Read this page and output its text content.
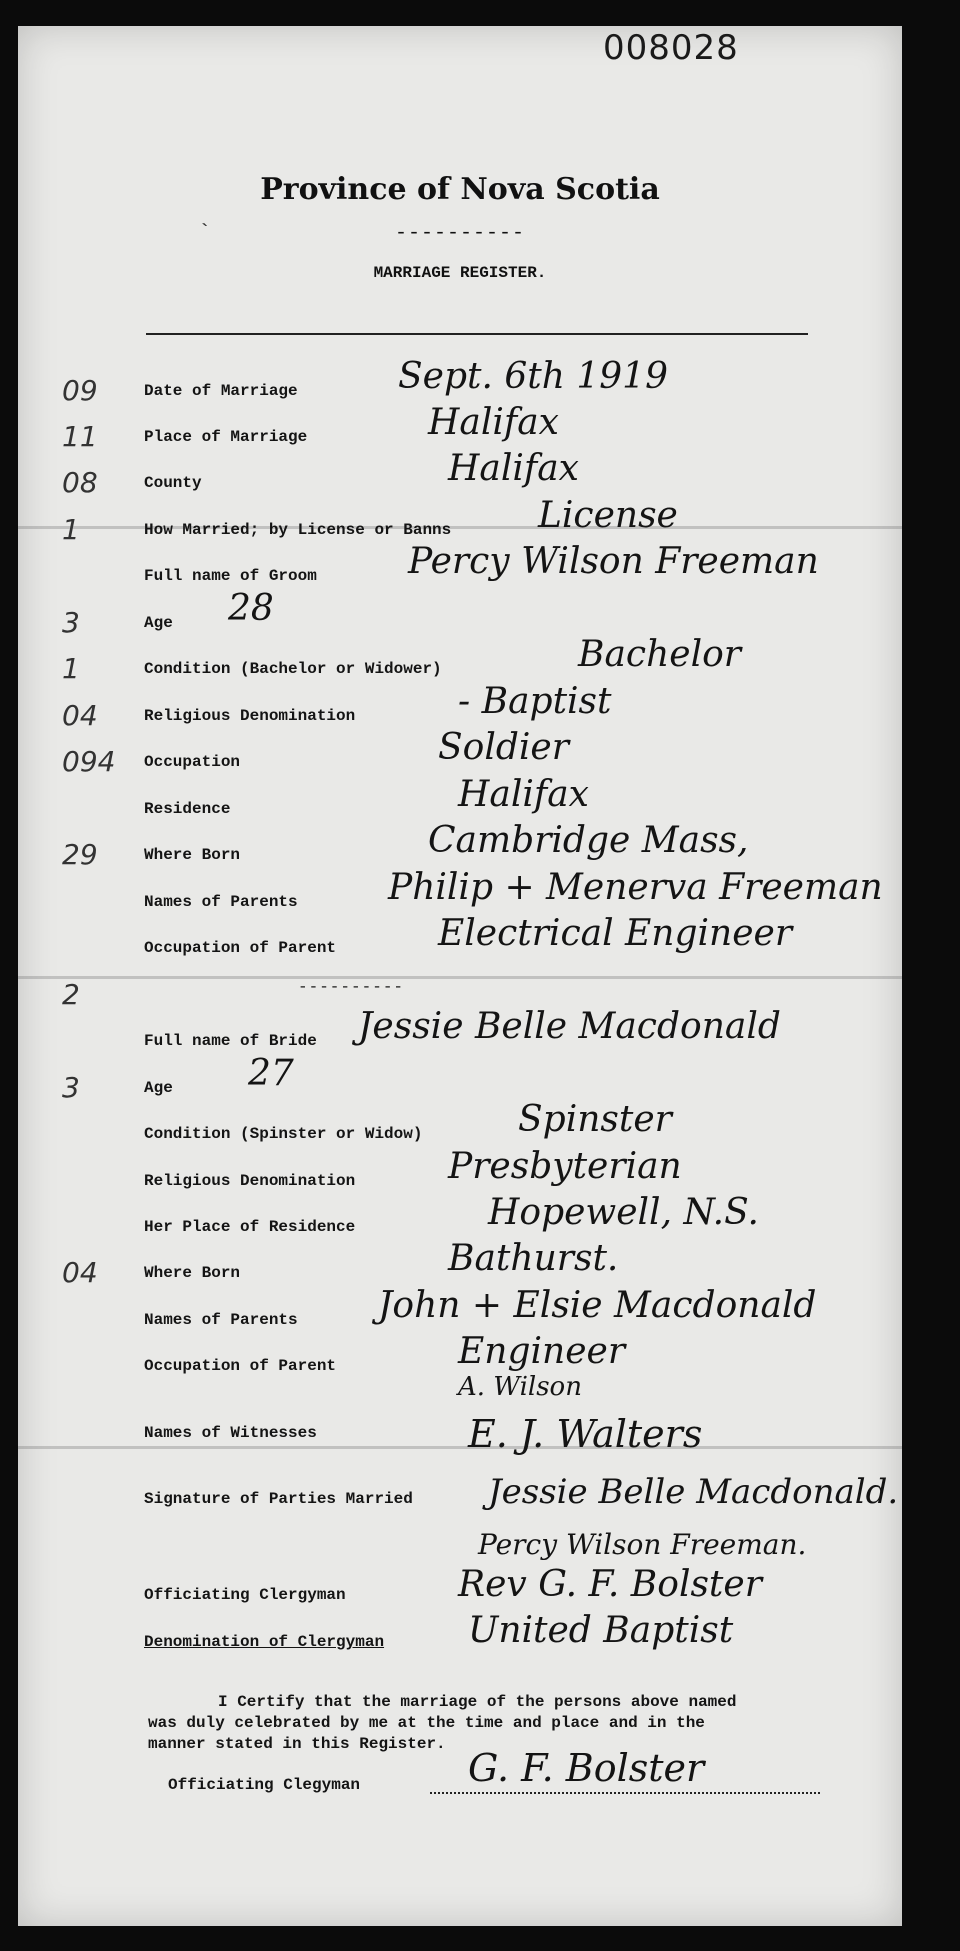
008028
Province of Nova Scotia
----------
MARRIAGE REGISTER.
`
09	Date of Marriage	Sept. 6th 1919
11	Place of Marriage	Halifax
08	County	Halifax
1	How Married; by License or Banns License
Full name of Groom	Percy Wilson Freeman
3	Age 28
1	Condition (Bachelor or Widower)	Bachelor
04	Religious Denomination	- Baptist
094 Occupation	Soldier
Residence	Halifax
29	Where Born	Cambridge Mass,
Names of Parents	Philip + Menerva Freeman
Occupation of Parent	Electrical Engineer
2
Full name of Bride Jessie Belle Macdonald
3	Age 27
Condition (Spinster or Widow)	Spinster
Religious Denomination	Presbyterian
Her Place of Residence	Hopewell, N.S.
04	Where Born	Bathurst.
Names of Parents John + Elsie Macdonald
Occupation of Parent	Engineer
----------
Names of Witnesses
A. Wilson
E. J. Walters
Signature of Parties Married Jessie Belle Macdonald.
Percy Wilson Freeman.
Officiating Clergyman	Rev G. F. Bolster
Denomination of Clergyman United Baptist

I Certify that the marriage of the persons above named

was duly celebrated by me at the time and place and in the

manner stated in this Register.

Officiating Clegyman	G. F. Bolster
